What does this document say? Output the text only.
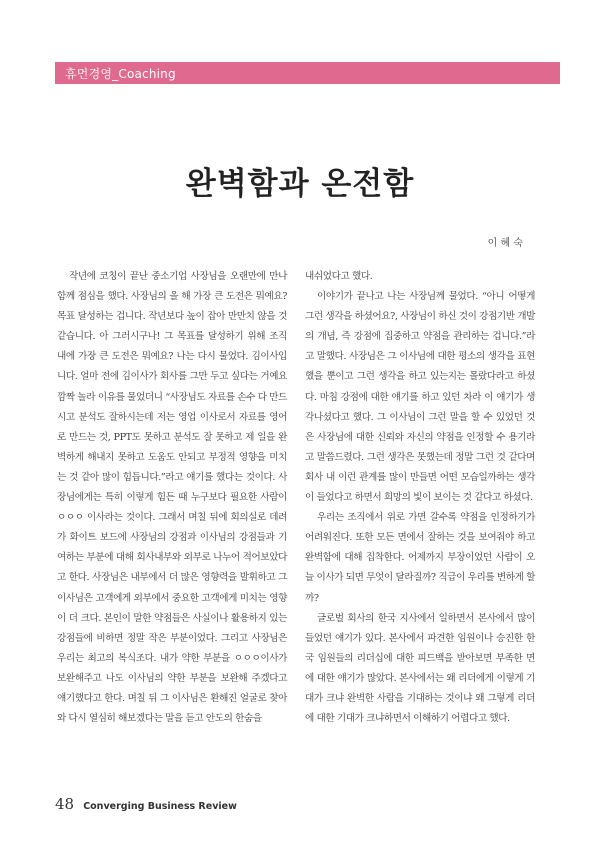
휴먼경영_Coaching
완벽함과 온전함
이 혜 숙

작년에 코칭이 끝난 중소기업 사장님을 오랜만에 만나 함께 점심을 했다. 사장님의 올 해 가장 큰 도전은 뭐예요? 목표 달성하는 겁니다. 작년보다 높이 잡아 만만치 않을 것 같습니다. 아 그러시구나! 그 목표를 달성하기 위해 조직 내에 가장 큰 도전은 뭐예요? 나는 다시 물었다. 김이사입니다. 얼마 전에 김이사가 회사를 그만 두고 싶다는 거예요 깜짝 놀라 이유를 물었더니 “사장님도 자료를 손수 다 만드시고 분석도 잘하시는데 저는 영업 이사로서 자료를 영어로 만드는 것, PPT도 못하고 분석도 잘 못하고 제 일을 완벽하게 해내지 못하고 도움도 안되고 부정적 영향을 미치는 것 같아 많이 힘듭니다.”라고 얘기를 했다는 것이다. 사장님에게는 특히 이렇게 힘든 때 누구보다 필요한 사람이 ㅇㅇㅇ 이사라는 것이다. 그래서 며칠 뒤에 회의실로 데려가 화이트 보드에 사장님의 강점과 이사님의 강점들과 기여하는 부분에 대해 회사내부와 외부로 나누어 적어보았다고 한다. 사장님은 내부에서 더 많은 영향력을 발휘하고 그 이사님은 고객에게 외부에서 중요한 고객에게 미치는 영향이 더 크다. 본인이 말한 약점들은 사실이나 활용하지 있는 강점들에 비하면 정말 작은 부분이었다. 그리고 사장님은 우리는 최고의 복식조다. 내가 약한 부분을 ㅇㅇㅇ이사가 보완해주고 나도 이사님의 약한 부분을 보완해 주겠다고 얘기했다고 한다. 며칠 뒤 그 이사님은 환해진 얼굴로 찾아와 다시 열심히 해보겠다는 말을 듣고 안도의 한숨을

내쉬었다고 했다.

이야기가 끝나고 나는 사장님께 물었다. “아니 어떻게 그런 생각을 하셨어요?, 사장님이 하신 것이 강점기반 개발의 개념, 즉 강점에 집중하고 약점을 관리하는 겁니다.”라고 말했다. 사장님은 그 이사님에 대한 평소의 생각을 표현했을 뿐이고 그런 생각을 하고 있는지는 몰랐다라고 하셨다. 마침 강점에 대한 얘기를 하고 있던 차라 이 얘기가 생각나셨다고 했다. 그 이사님이 그런 말을 할 수 있었던 것은 사장님에 대한 신뢰와 자신의 약점을 인정할 수 용기라고 말씀드렸다. 그런 생각은 못했는데 정말 그런 것 같다며 회사 내 이런 관계를 많이 만들면 어떤 모습일까하는 생각이 들었다고 하면서 희망의 빛이 보이는 것 같다고 하셨다.

우리는 조직에서 위로 가면 갈수록 약점을 인정하기가 어려워진다. 또한 모든 면에서 잘하는 것을 보여줘야 하고 완벽함에 대해 집착한다. 어제까지 부장이었던 사람이 오늘 이사가 되면 무엇이 달라질까? 직급이 우리를 변하게 할까?

글로벌 회사의 한국 지사에서 일하면서 본사에서 많이 들었던 얘기가 있다. 본사에서 파견한 임원이나 승진한 한국 임원들의 리더십에 대한 피드백을 받아보면 부족한 면에 대한 얘기가 많았다. 본사에서는 왜 리더에게 이렇게 기대가 크냐 완벽한 사람을 기대하는 것이냐 왜 그렇게 리더에 대한 기대가 크냐하면서 이해하기 어렵다고 했다.

48 Converging Business Review
